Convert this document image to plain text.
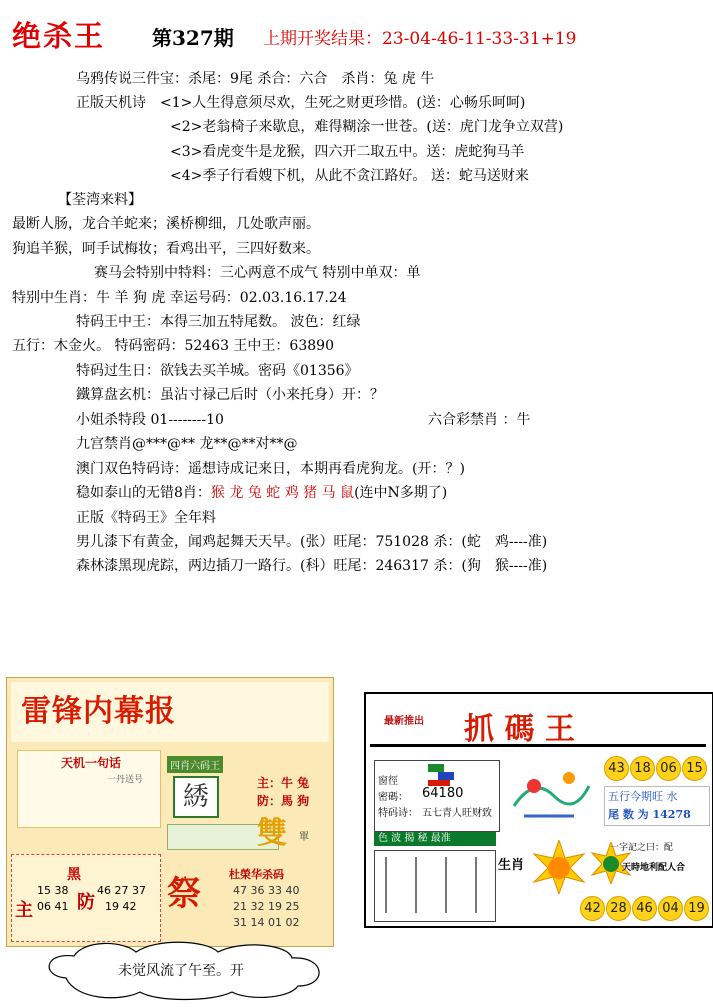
绝杀王 第327期 上期开奖结果：23-04-46-11-33-31+19
乌鸦传说三件宝：杀尾：9尾 杀合：六合　杀肖：兔 虎 牛
正版天机诗　<1>人生得意须尽欢，生死之财更珍惜。(送：心畅乐呵呵)
<2>老翁椅子来歇息，难得糊涂一世苍。(送：虎门龙争立双营)
<3>看虎变牛是龙猴，四六开二取五中。送：虎蛇狗马羊
<4>季子行看嫂下机，从此不贪江路好。 送：蛇马送财来
【荃湾来料】
最断人肠，龙合羊蛇来；溪桥柳细，几处歌声丽。
狗追羊猴，呵手试梅妆；看鸡出平，三四好数来。
赛马会特别中特料：三心两意不成气 特别中单双：单
特别中生肖：牛 羊 狗 虎 幸运号码：02.03.16.17.24
特码王中王：本得三加五特尾数。 波色：红绿
五行：木金火。 特码密码：52463 王中王：63890
特码过生日：欲钱去买羊城。密码《01356》
鐵算盘玄机：虽沾寸禄己后时（小来托身）开：？
小姐杀特段 01--------10	六合彩禁肖 ：牛
九宫禁肖@***@** 龙**@**对**@
澳门双色特码诗：遥想诗成记来日，本期再看虎狗龙。(开：？)
稳如泰山的无错8肖：猴 龙 兔 蛇 鸡 猪 马 鼠(连中N多期了)
正版《特码王》全年料
男儿漆下有黄金，闻鸡起舞天天早。(张）旺尾：751028 杀：(蛇　鸡----准)
森林漆黑现虎踪，两边插刀一路行。(科）旺尾：246317 杀：(狗　猴----准)
雷锋内幕报
天机一句话
一丹送号
四肖六码王
綉	主：牛 兔
防：馬 狗
雙 單
黑
主 防
15 38
06 41
46 27 37
19 42 祭	杜榮华杀码
47 36 33 40
21 32 19 25
31 14 01 02
未觉风流了午至。开
最新推出 抓 碼 王
窗徑
密碼： 64180
特码诗： 五七青人旺财致
43 18 06 15
五行今期旺 水
尾 数 为 14278
色 波 揭 秘 最准
生肖
一字記之曰：配
天時地利配人合
42 28 46 04 19
